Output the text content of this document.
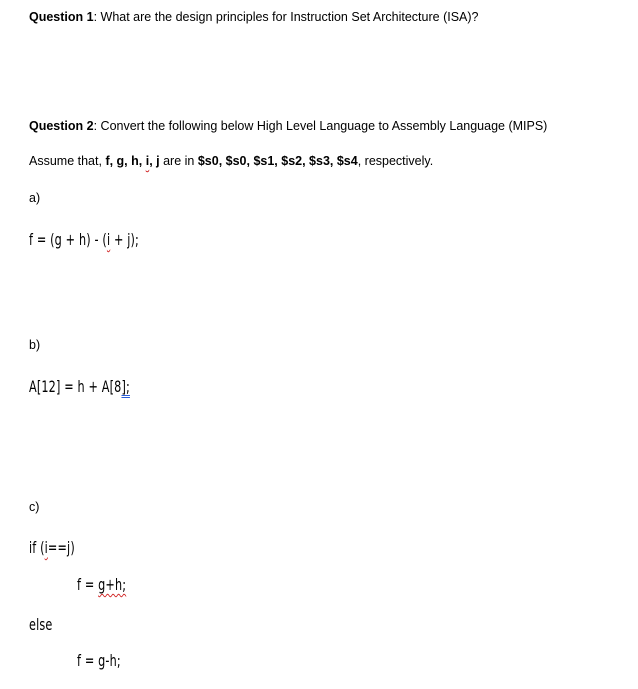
Question 1: What are the design principles for Instruction Set Architecture (ISA)?
Question 2: Convert the following below High Level Language to Assembly Language (MIPS)
Assume that, f, g, h, i, j are in $s0, $s0, $s1, $s2, $s3, $s4, respectively.
a)
f = (g + h) - (i + j);
b)
A[12] = h + A[8];
c)
if (i==j)
f = g+h;
else
f = g-h;
